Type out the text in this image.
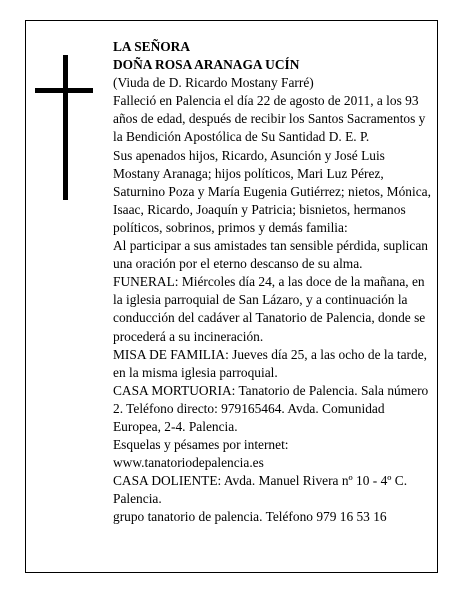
LA SEÑORA

DOÑA ROSA ARANAGA UCÍN

(Viuda de D. Ricardo Mostany Farré)

Falleció en Palencia el día 22 de agosto de 2011, a los 93 años de edad, después de recibir los Santos Sacramentos y la Bendición Apostólica de Su Santidad D. E. P.

Sus apenados hijos, Ricardo, Asunción y José Luis Mostany Aranaga; hijos políticos, Mari Luz Pérez, Saturnino Poza y María Eugenia Gutiérrez; nietos, Mónica, Isaac, Ricardo, Joaquín y Patricia; bisnietos, hermanos políticos, sobrinos, primos y demás familia:

Al participar a sus amistades tan sensible pérdida, suplican una oración por el eterno descanso de su alma.

FUNERAL: Miércoles día 24, a las doce de la mañana, en la iglesia parroquial de San Lázaro, y a continuación la conducción del cadáver al Tanatorio de Palencia, donde se procederá a su incineración.

MISA DE FAMILIA: Jueves día 25, a las ocho de la tarde, en la misma iglesia parroquial.

CASA MORTUORIA: Tanatorio de Palencia. Sala número 2. Teléfono directo: 979165464. Avda. Comunidad Europea, 2-4. Palencia.

Esquelas y pésames por internet:

www.tanatoriodepalencia.es

CASA DOLIENTE: Avda. Manuel Rivera nº 10 - 4º C. Palencia.

grupo tanatorio de palencia. Teléfono 979 16 53 16
